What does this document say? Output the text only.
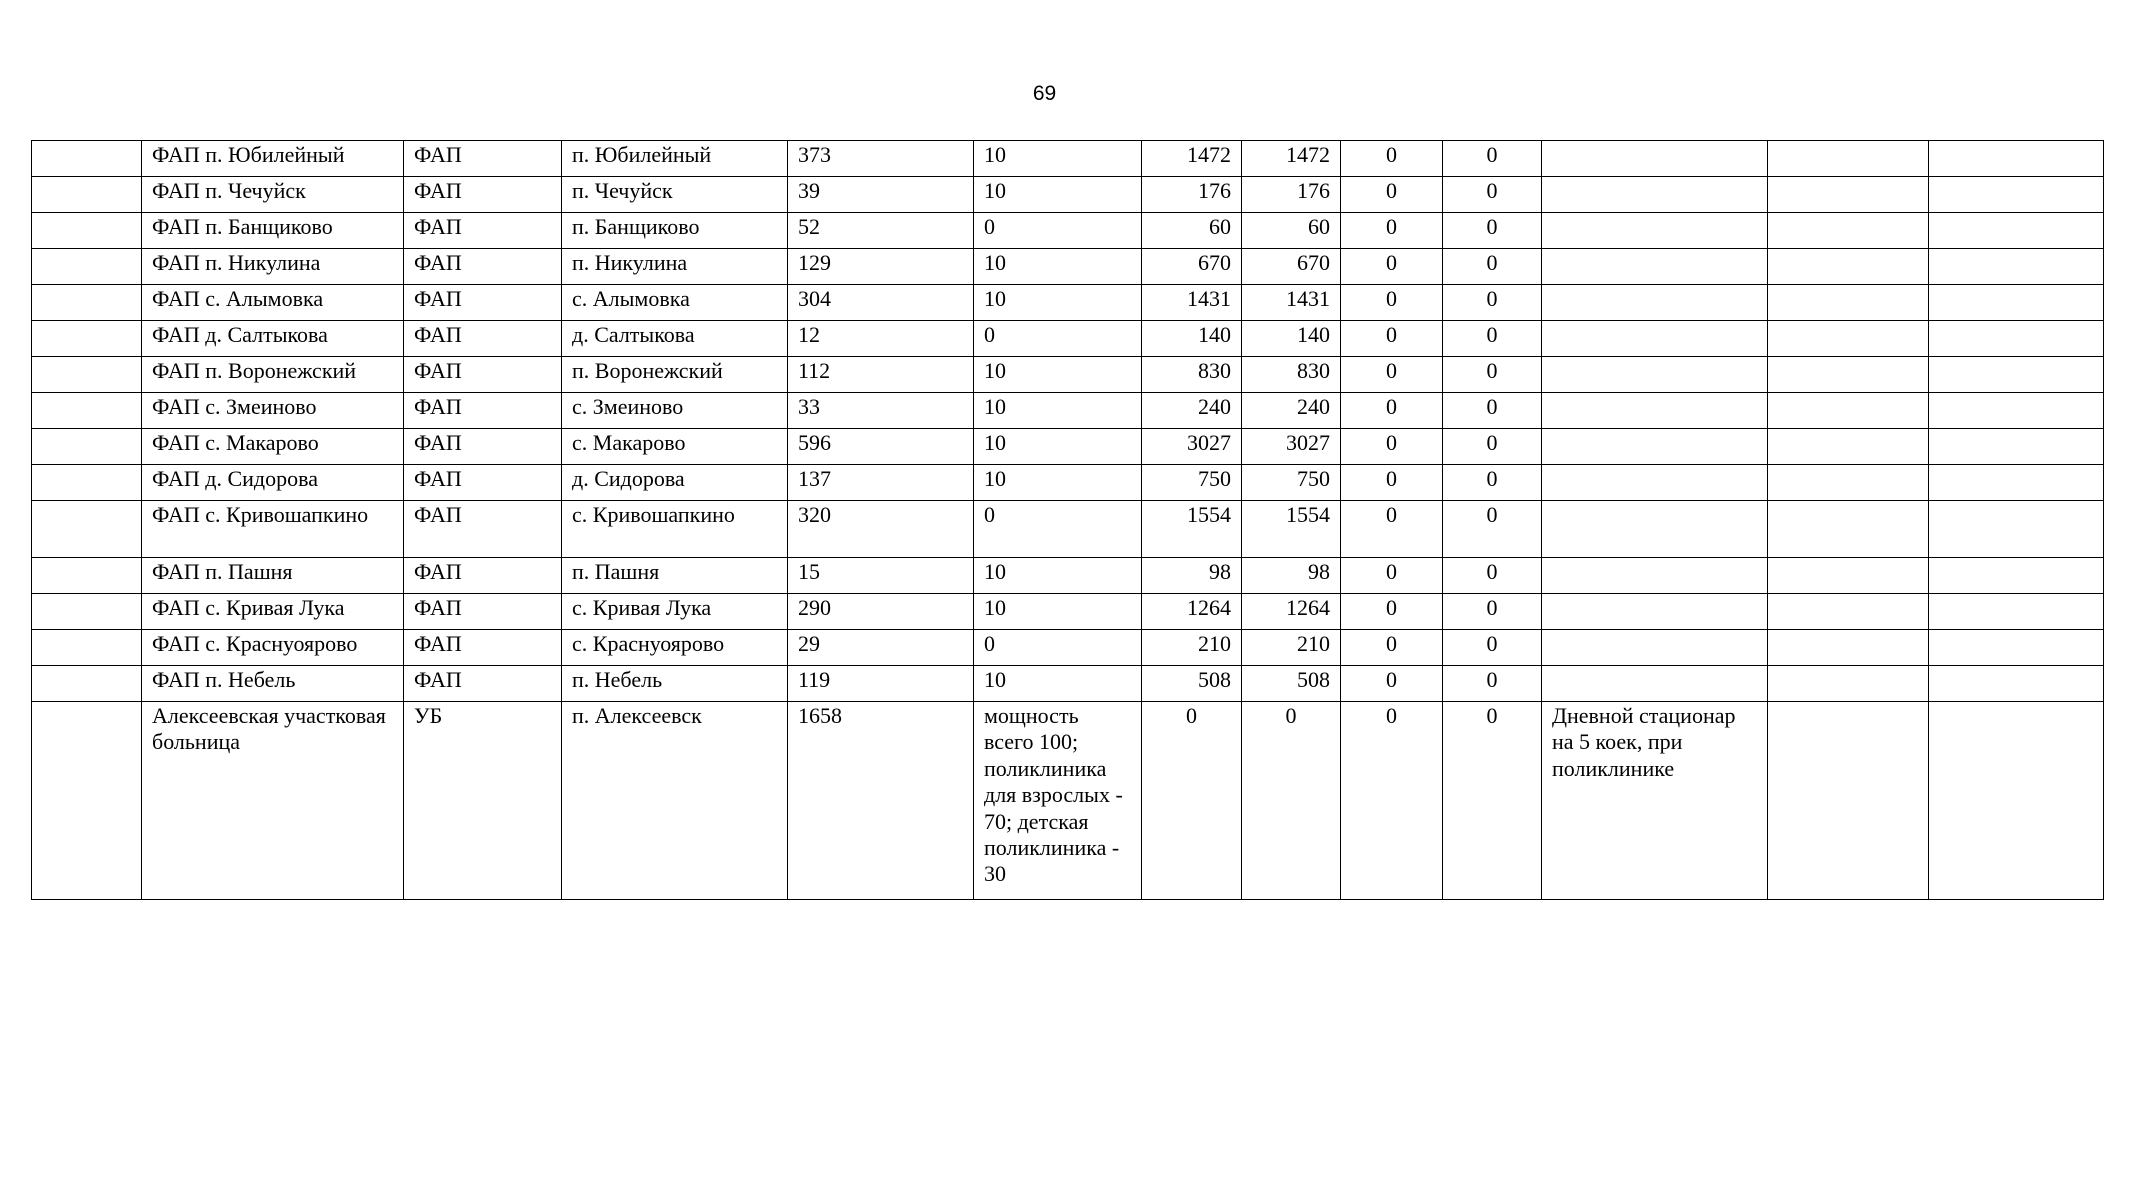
69
	ФАП п. Юбилейный	ФАП	п. Юбилейный	373	10	1472	1472	0	0			
	ФАП п. Чечуйск	ФАП	п. Чечуйск	39	10	176	176	0	0			
	ФАП п. Банщиково	ФАП	п. Банщиково	52	0	60	60	0	0			
	ФАП п. Никулина	ФАП	п. Никулина	129	10	670	670	0	0			
	ФАП с. Алымовка	ФАП	с. Алымовка	304	10	1431	1431	0	0			
	ФАП д. Салтыкова	ФАП	д. Салтыкова	12	0	140	140	0	0			
	ФАП п. Воронежский	ФАП	п. Воронежский	112	10	830	830	0	0			
	ФАП с. Змеиново	ФАП	с. Змеиново	33	10	240	240	0	0			
	ФАП с. Макарово	ФАП	с. Макарово	596	10	3027	3027	0	0			
	ФАП д. Сидорова	ФАП	д. Сидорова	137	10	750	750	0	0			
	ФАП с. Кривошапкино	ФАП	с. Кривошапкино	320	0	1554	1554	0	0			
	ФАП п. Пашня	ФАП	п. Пашня	15	10	98	98	0	0			
	ФАП с. Кривая Лука	ФАП	с. Кривая Лука	290	10	1264	1264	0	0			
	ФАП с. Краснуоярово	ФАП	с. Краснуоярово	29	0	210	210	0	0			
	ФАП п. Небель	ФАП	п. Небель	119	10	508	508	0	0			
	Алексеевская участковая больница	УБ	п. Алексеевск	1658	мощность всего 100; поликлиника для взрослых - 70; детская поликлиника - 30	0	0	0	0	Дневной стационар на 5 коек, при поликлинике		
